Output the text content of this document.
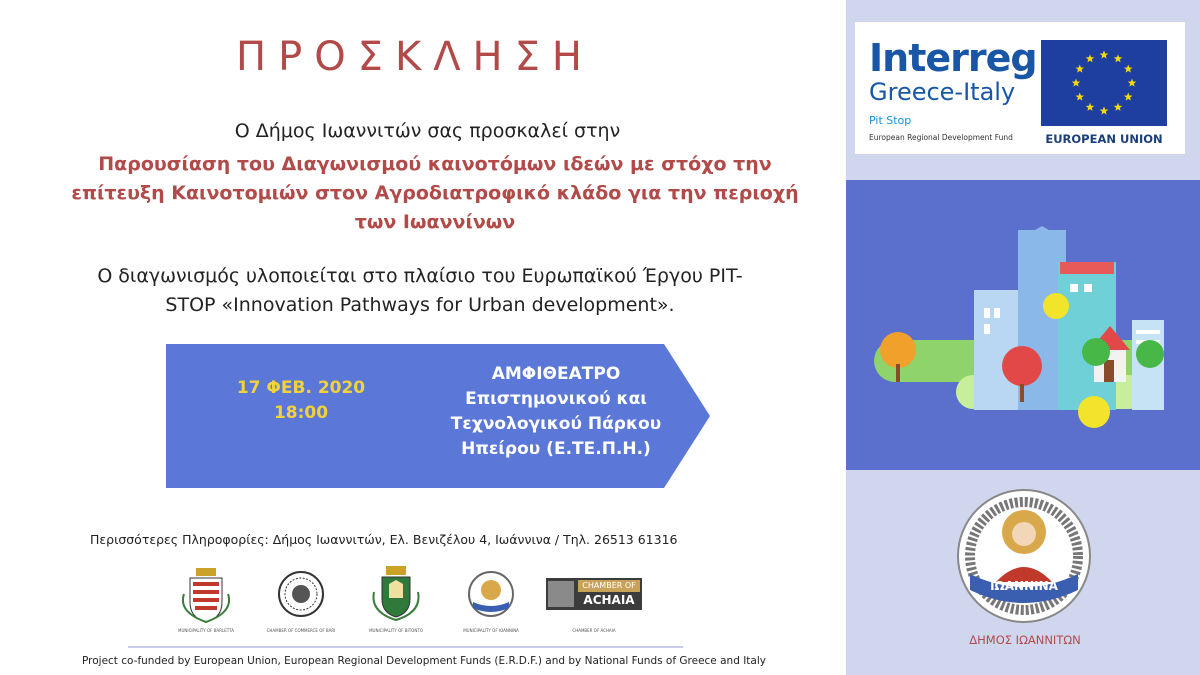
ΠΡΟΣΚΛΗΣΗ
Ο Δήμος Ιωαννιτών σας προσκαλεί στην
Παρουσίαση του Διαγωνισμού καινοτόμων ιδεών με στόχο την
επίτευξη Καινοτομιών στον Αγροδιατροφικό κλάδο για την περιοχή
των Ιωαννίνων
Ο διαγωνισμός υλοποιείται στο πλαίσιο του Ευρωπαϊκού Έργου PIT-
STOP «Innovation Pathways for Urban development».
17 ΦΕΒ. 2020
18:00
ΑΜΦΙΘΕΑΤΡΟ
Επιστημονικού και
Τεχνολογικού Πάρκου
Ηπείρου (Ε.ΤΕ.Π.Η.)
Περισσότερες Πληροφορίες: Δήμος Ιωαννιτών, Ελ. Βενιζέλου 4, Ιωάννινα / Τηλ. 26513 61316
MUNICIPALITY OF BARLETTA	CHAMBER OF COMMERCE OF BARI	MUNICIPALITY OF BITONTO	MUNICIPALITY OF IOANNINA
CHAMBER OF
ACHAIA
CHAMBER OF ACHAIA
Project co-funded by European Union, European Regional Development Funds (E.R.D.F.) and by National Funds of Greece and Italy
Interreg
Greece-Italy
Pit Stop
European Regional Development Fund	EUROPEAN UNION
ΙΩΑΝΝΙΝΑ
ΔΗΜΟΣ ΙΩΑΝΝΙΤΩΝ
